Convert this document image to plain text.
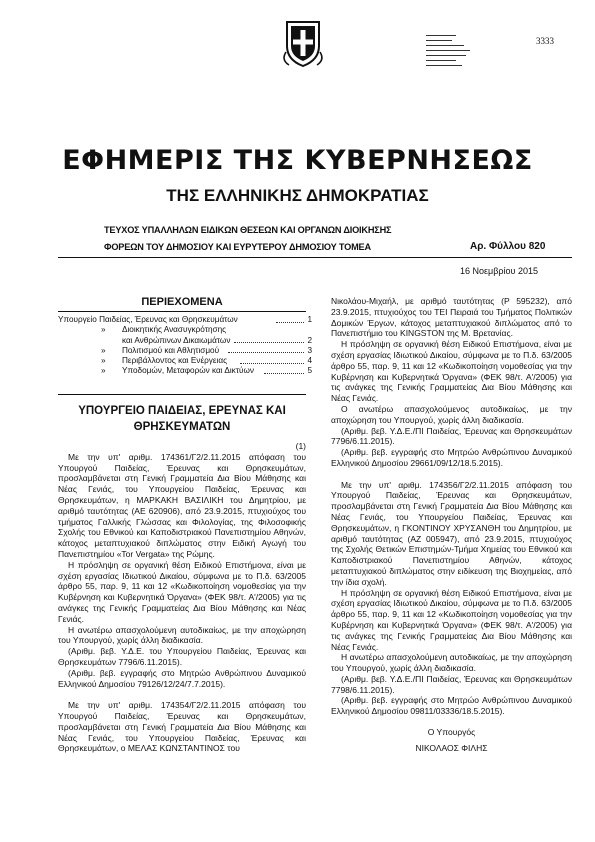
3333
ΕΦΗΜΕΡΙΣ ΤΗΣ ΚΥΒΕΡΝΗΣΕΩΣ
ΤΗΣ ΕΛΛΗΝΙΚΗΣ ΔΗΜΟΚΡΑΤΙΑΣ
ΤΕΥΧΟΣ ΥΠΑΛΛΗΛΩΝ ΕΙΔΙΚΩΝ ΘΕΣΕΩΝ ΚΑΙ ΟΡΓΑΝΩΝ ΔΙΟΙΚΗΣΗΣ
ΦΟΡΕΩΝ ΤΟΥ ΔΗΜΟΣΙΟΥ ΚΑΙ ΕΥΡΥΤΕΡΟΥ ΔΗΜΟΣΙΟΥ ΤΟΜΕΑ	Αρ. Φύλλου 820
16 Νοεμβρίου 2015
ΠΕΡΙΕΧΟΜΕΝΑ
Υπουργείο Παιδείας, Έρευνας και Θρησκευμάτων	1
» Διοικητικής Ανασυγκρότησης
και Ανθρώπινων Δικαιωμάτων	2
» Πολιτισμού και Αθλητισμού	3
» Περιβάλλοντος και Ενέργειας	4
» Υποδομών, Μεταφορών και Δικτύων	5
ΥΠΟΥΡΓΕΙΟ ΠΑΙΔΕΙΑΣ, ΕΡΕΥΝΑΣ ΚΑΙ ΘΡΗΣΚΕΥΜΑΤΩΝ

(1)

Με την υπ' αριθμ. 174361/Γ2/2.11.2015 απόφαση του Υπουργού Παιδείας, Έρευνας και Θρησκευμάτων, προσλαμβάνεται στη Γενική Γραμματεία Δια Βίου Μάθησης και Νέας Γενιάς, του Υπουργείου Παιδείας, Έρευνας και Θρησκευμάτων, η ΜΑΡΚΑΚΗ ΒΑΣΙΛΙΚΗ του Δημητρίου, με αριθμό ταυτότητας (ΑΕ 620906), από 23.9.2015, πτυχιούχος του τμήματος Γαλλικής Γλώσσας και Φιλολογίας, της Φιλοσοφικής Σχολής του Εθνικού και Καποδιστριακού Πανεπιστημίου Αθηνών, κάτοχος μεταπτυχιακού διπλώματος στην Ειδική Αγωγή του Πανεπιστημίου «Tor Vergata» της Ρώμης.

Η πρόσληψη σε οργανική θέση Ειδικού Επιστήμονα, είναι με σχέση εργασίας Ιδιωτικού Δικαίου, σύμφωνα με το Π.δ. 63/2005 άρθρο 55, παρ. 9, 11 και 12 «Κωδικοποίηση νομοθεσίας για την Κυβέρνηση και Κυβερνητικά Όργανα» (ΦΕΚ 98/τ. Α'/2005) για τις ανάγκες της Γενικής Γραμματείας Δια Βίου Μάθησης και Νέας Γενιάς.

Η ανωτέρω απασχολούμενη αυτοδικαίως, με την αποχώρηση του Υπουργού, χωρίς άλλη διαδικασία.

(Αριθμ. βεβ. Υ.Δ.Ε. του Υπουργείου Παιδείας, Έρευνας και Θρησκευμάτων 7796/6.11.2015).

(Αριθμ. βεβ. εγγραφής στο Μητρώο Ανθρώπινου Δυναμικού Ελληνικού Δημοσίου 79126/12/24/7.7.2015).

Με την υπ' αριθμ. 174354/Γ2/2.11.2015 απόφαση του Υπουργού Παιδείας, Έρευνας και Θρησκευμάτων, προσλαμβάνεται στη Γενική Γραμματεία Δια Βίου Μάθησης και Νέας Γενιάς, του Υπουργείου Παιδείας, Έρευνας και Θρησκευμάτων, ο ΜΕΛΑΣ ΚΩΝΣΤΑΝΤΙΝΟΣ του

Νικολάου-Μιχαήλ, με αριθμό ταυτότητας (Ρ 595232), από 23.9.2015, πτυχιούχος του ΤΕΙ Πειραιά του Τμήματος Πολιτικών Δομικών Έργων, κάτοχος μεταπτυχιακού διπλώματος από το Πανεπιστήμιο του KINGSTON της Μ. Βρετανίας.

Η πρόσληψη σε οργανική θέση Ειδικού Επιστήμονα, είναι με σχέση εργασίας Ιδιωτικού Δικαίου, σύμφωνα με το Π.δ. 63/2005 άρθρο 55, παρ. 9, 11 και 12 «Κωδικοποίηση νομοθεσίας για την Κυβέρνηση και Κυβερνητικά Όργανα» (ΦΕΚ 98/τ. Α'/2005) για τις ανάγκες της Γενικής Γραμματείας Δια Βίου Μάθησης και Νέας Γενιάς.

Ο ανωτέρω απασχολούμενος αυτοδικαίως, με την αποχώρηση του Υπουργού, χωρίς άλλη διαδικασία.

(Αριθμ. βεβ. Υ.Δ.Ε./ΠΙ Παιδείας, Έρευνας και Θρησκευμάτων 7796/6.11.2015).

(Αριθμ. βεβ. εγγραφής στο Μητρώο Ανθρώπινου Δυναμικού Ελληνικού Δημοσίου 29661/09/12/18.5.2015).

Με την υπ' αριθμ. 174356/Γ2/2.11.2015 απόφαση του Υπουργού Παιδείας, Έρευνας και Θρησκευμάτων, προσλαμβάνεται στη Γενική Γραμματεία Δια Βίου Μάθησης και Νέας Γενιάς, του Υπουργείου Παιδείας, Έρευνας και Θρησκευμάτων, η ΓΚΟΝΤΙΝΟΥ ΧΡΥΣΑΝΘΗ του Δημητρίου, με αριθμό ταυτότητας (ΑΖ 005947), από 23.9.2015, πτυχιούχος της Σχολής Θετικών Επιστημών-Τμήμα Χημείας του Εθνικού και Καποδιστριακού Πανεπιστημίου Αθηνών, κάτοχος μεταπτυχιακού διπλώματος στην ειδίκευση της Βιοχημείας, από την ίδια σχολή.

Η πρόσληψη σε οργανική θέση Ειδικού Επιστήμονα, είναι με σχέση εργασίας Ιδιωτικού Δικαίου, σύμφωνα με το Π.δ. 63/2005 άρθρο 55, παρ. 9, 11 και 12 «Κωδικοποίηση νομοθεσίας για την Κυβέρνηση και Κυβερνητικά Όργανα» (ΦΕΚ 98/τ. Α'/2005) για τις ανάγκες της Γενικής Γραμματείας Δια Βίου Μάθησης και Νέας Γενιάς.

Η ανωτέρω απασχολούμενη αυτοδικαίως, με την αποχώρηση του Υπουργού, χωρίς άλλη διαδικασία.

(Αριθμ. βεβ. Υ.Δ.Ε./ΠΙ Παιδείας, Έρευνας και Θρησκευμάτων 7798/6.11.2015).

(Αριθμ. βεβ. εγγραφής στο Μητρώο Ανθρώπινου Δυναμικού Ελληνικού Δημοσίου 09811/03336/18.5.2015).

Ο Υπουργός

ΝΙΚΟΛΑΟΣ ΦΙΛΗΣ
